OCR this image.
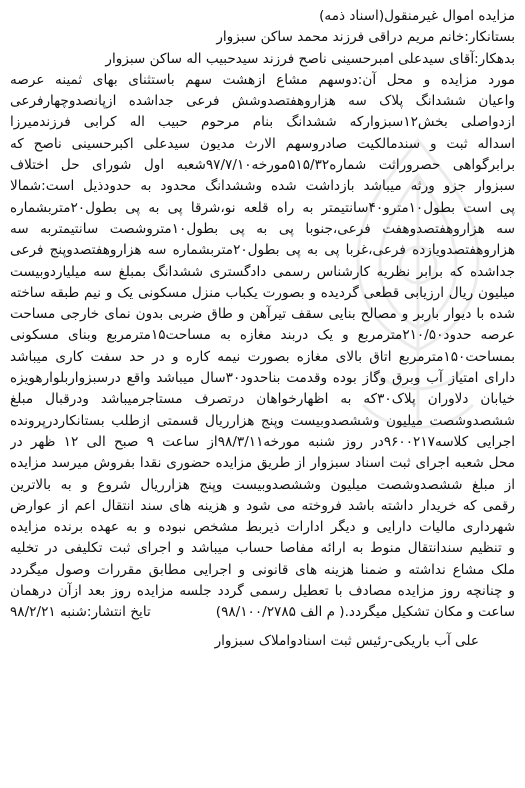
مزایده اموال غیرمنقول(اسناد ذمه)
بستانکار:خانم مریم دراقی فرزند محمد ساکن سبزوار
بدهکار:آقای سیدعلی امبرحسینی ناصح فرزند سیدحبیب اله ساکن سبزوار
مورد مزایده و محل آن:دوسهم مشاع ازهشت سهم باستثنای بهای ثمینه عرصه
واعیان ششدانگ پلاک سه هزاروهفتصدوشش فرعی جداشده ازپانصدوچهارفرعی
ازدواصلی بخش۱۲سبزوارکه ششدانگ بنام مرحوم حبیب اله کرابی فرزندمیرزا
اسداله ثبت و سندمالکیت صادروسهم الارث مدیون سیدعلی اکبرحسینی ناصح که
برابرگواهی حصروراثت شماره۵۱۵/۳۲مورخه۹۷/۷/۱۰شعبه اول شورای حل اختلاف
سبزوار جزو ورثه میباشد بازداشت شده وششدانگ محدود به حدودذیل است:شمالا
پی است بطول۱۰مترو۴۰سانتیمتر به راه قلعه نو،شرقا پی به پی بطول۲۰متربشماره
سه هزاروهفتصدوهفت فرعی،جنوبا پی به پی بطول۱۰متروشصت سانتیمتربه سه
هزاروهفتصدویازده فرعی،غربا پی به پی بطول۲۰متربشماره سه هزاروهفتصدوپنج فرعی
جداشده که برابر نظریه کارشناس رسمی دادگستری ششدانگ بمبلغ سه میلیاردوبیست
میلیون ریال ارزیابی قطعی گردیده و بصورت یکباب منزل مسکونی یک و نیم طبقه ساخته
شده با دیوار باربر و مصالح بنایی سقف تیرآهن و طاق ضربی بدون نمای خارجی مساحت
عرصه حدود۲۱۰/۵۰مترمربع و یک دربند مغازه به مساحت۱۵مترمربع وبنای مسکونی
بمساحت۱۵۰مترمربع اتاق بالای مغازه بصورت نیمه کاره و در حد سفت کاری میباشد
دارای امتیاز آب وبرق وگاز بوده وقدمت بناحدود۳۰سال میباشد واقع درسبزواربلوارهویزه
خیابان دلاوران پلاک۳۰که به اظهارخواهان درتصرف مستاجرمیباشد ودرقبال مبلغ
ششصدوشصت میلیون وششصدوبیست وپنج هزارریال قسمتی ازطلب بستانکاردرپرونده
اجرایی کلاسه۹۶۰۰۲۱۷در روز شنبه مورخه۹۸/۳/۱۱از ساعت ۹ صبح الی ۱۲ ظهر در
محل شعبه اجرای ثبت اسناد سبزوار از طریق مزایده حضوری نقدا بفروش میرسد مزایده
از مبلغ ششصدوشصت میلیون وششصدوبیست وپنج هزارریال شروع و به بالاترین
رقمی که خریدار داشته باشد فروخته می شود و هزینه های سند انتقال اعم از عوارض
شهرداری مالیات دارایی و دیگر ادارات ذیربط مشخص نبوده و به عهده برنده مزایده
و تنظیم سندانتقال منوط به ارائه مفاصا حساب میباشد و اجرای ثبت تکلیفی در تخلیه
ملک مشاع نداشته و ضمنا هزینه های قانونی و اجرایی مطابق مقررات وصول میگردد
و چنانچه روز مزایده مصادف با تعطیل رسمی گردد جلسه مزایده روز بعد ازآن درهمان
ساعت و مکان تشکیل میگردد.( م الف ۹۸/۱۰۰/۲۷۸۵)
تایخ انتشار:شنبه ۹۸/۲/۲۱
علی آب باریکی-رئیس ثبت اسنادواملاک سبزوار
